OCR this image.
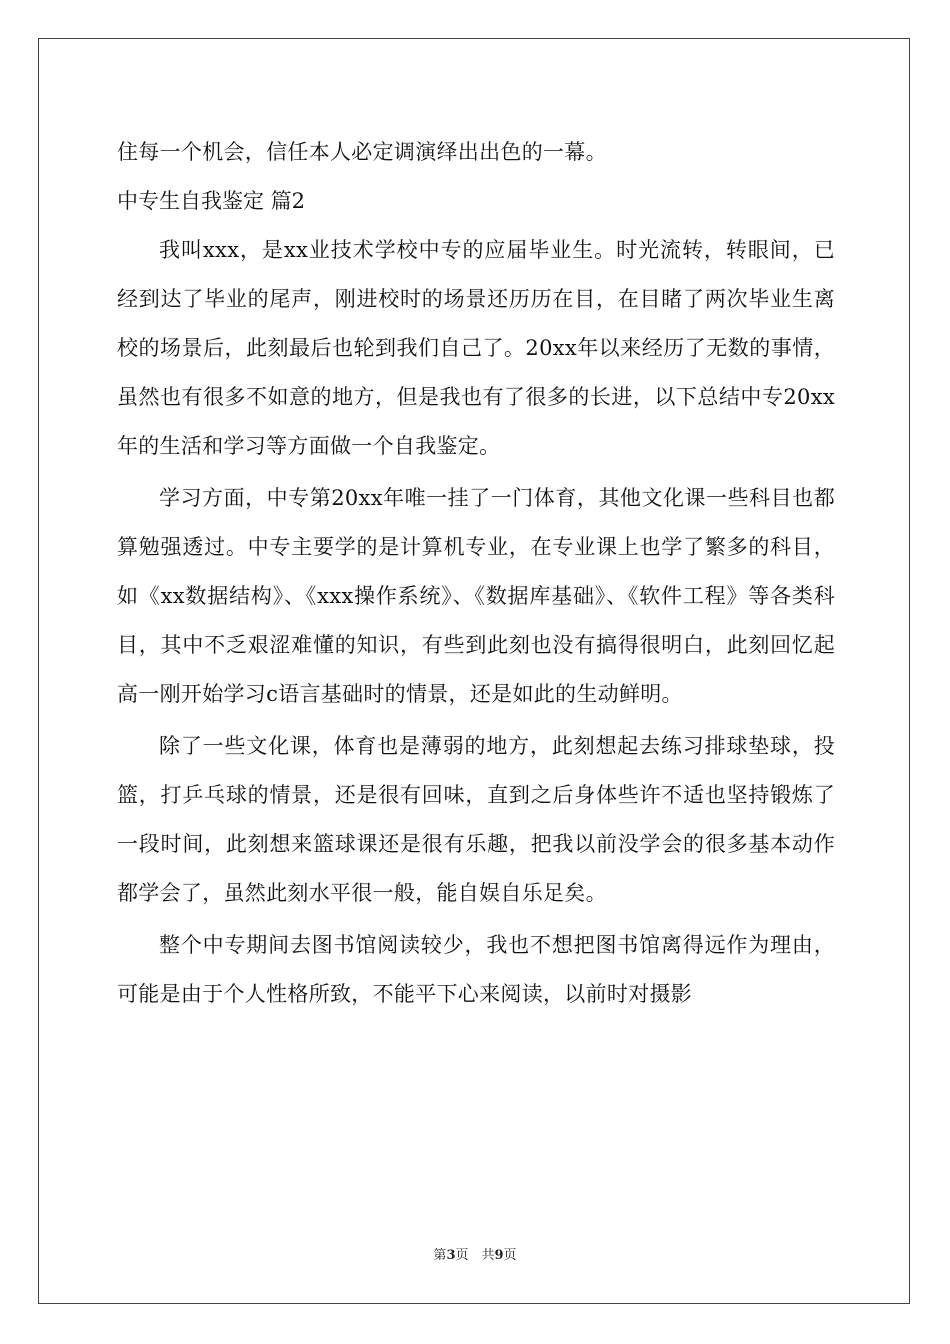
住每一个机会，信任本人必定调演绎出出色的一幕。

中专生自我鉴定 篇2

我叫xxx，是xx业技术学校中专的应届毕业生。时光流转，转眼间，已经到达了毕业的尾声，刚进校时的场景还历历在目，在目睹了两次毕业生离校的场景后，此刻最后也轮到我们自己了。20xx年以来经历了无数的事情，虽然也有很多不如意的地方，但是我也有了很多的长进，以下总结中专20xx年的生活和学习等方面做一个自我鉴定。

学习方面，中专第20xx年唯一挂了一门体育，其他文化课一些科目也都算勉强透过。中专主要学的是计算机专业，在专业课上也学了繁多的科目，如《xx数据结构》、《xxx操作系统》、《数据库基础》、《软件工程》等各类科目，其中不乏艰涩难懂的知识，有些到此刻也没有搞得很明白，此刻回忆起高一刚开始学习c语言基础时的情景，还是如此的生动鲜明。

除了一些文化课，体育也是薄弱的地方，此刻想起去练习排球垫球，投篮，打乒乓球的情景，还是很有回味，直到之后身体些许不适也坚持锻炼了一段时间，此刻想来篮球课还是很有乐趣，把我以前没学会的很多基本动作都学会了，虽然此刻水平很一般，能自娱自乐足矣。

整个中专期间去图书馆阅读较少，我也不想把图书馆离得远作为理由，可能是由于个人性格所致，不能平下心来阅读，以前时对摄影

第3页　共9页
